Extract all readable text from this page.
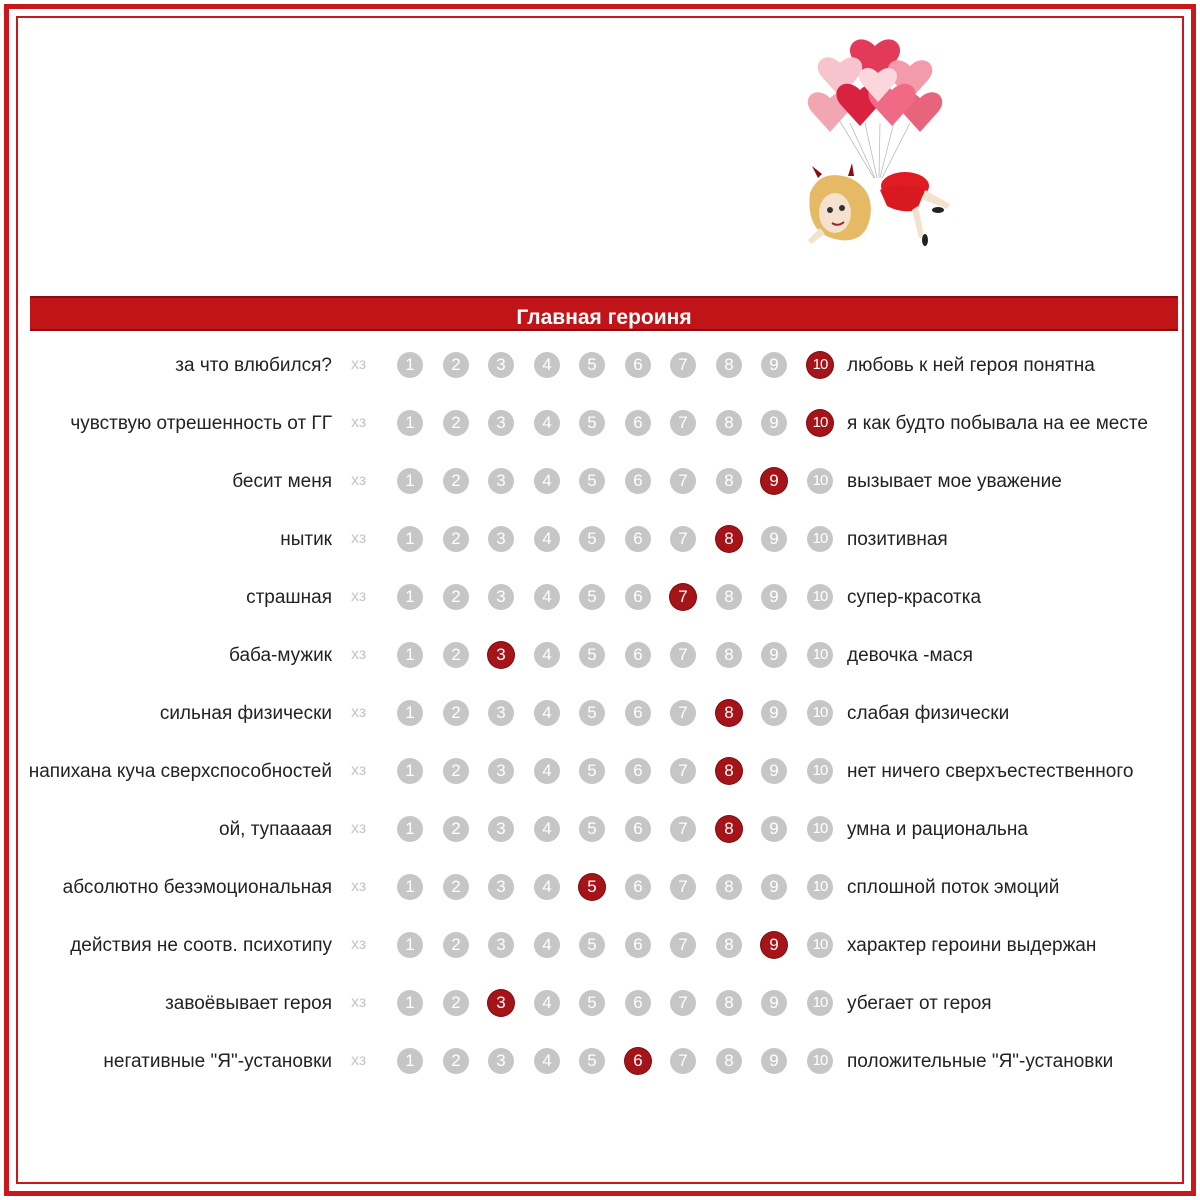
Главная героиня
за что влюбился? хз	1	2	3	4	5	6	7	8	9	10 любовь к ней героя понятна
чувствую отрешенность от ГГ хз	1	2	3	4	5	6	7	8	9	10 я как будто побывала на ее месте
бесит меня хз	1	2	3	4	5	6	7	8	9	10 вызывает мое уважение
нытик хз	1	2	3	4	5	6	7	8	9	10 позитивная
страшная хз	1	2	3	4	5	6	7	8	9	10 супер-красотка
баба-мужик хз	1	2	3	4	5	6	7	8	9	10 девочка -мася
сильная физически хз	1	2	3	4	5	6	7	8	9	10 слабая физически
напихана куча сверхспособностей хз	1	2	3	4	5	6	7	8	9	10 нет ничего сверхъестественного
ой, тупаааая хз	1	2	3	4	5	6	7	8	9	10 умна и рациональна
абсолютно безэмоциональная хз	1	2	3	4	5	6	7	8	9	10 сплошной поток эмоций
действия не соотв. психотипу хз	1	2	3	4	5	6	7	8	9	10 характер героини выдержан
завоёвывает героя хз	1	2	3	4	5	6	7	8	9	10 убегает от героя
негативные "Я"-установки хз	1	2	3	4	5	6	7	8	9	10 положительные "Я"-установки
